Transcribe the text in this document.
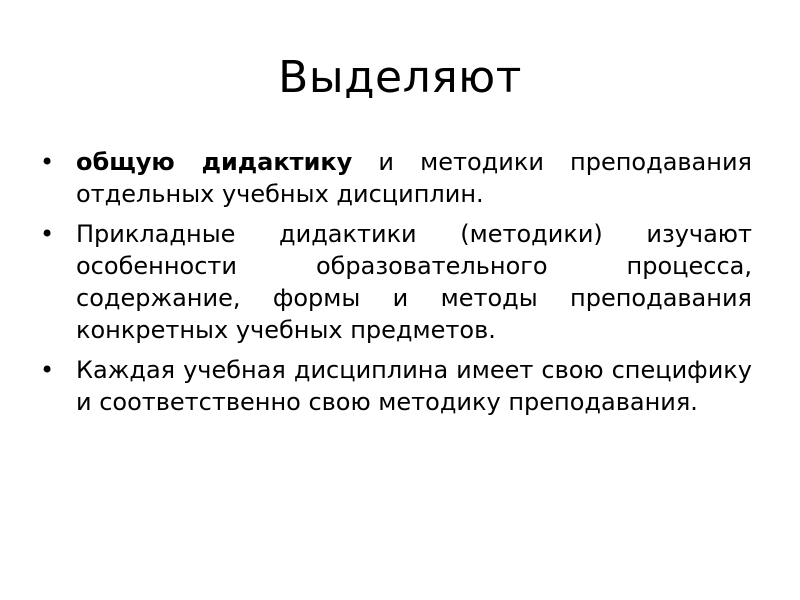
Выделяют
• общую дидактику и методики преподавания отдельных учебных дисциплин.
• Прикладные дидактики (методики) изучают особенности образовательного процесса, содержание, формы и методы преподавания конкретных учебных предметов.
• Каждая учебная дисциплина имеет свою специфику и соответственно свою методику преподавания.
